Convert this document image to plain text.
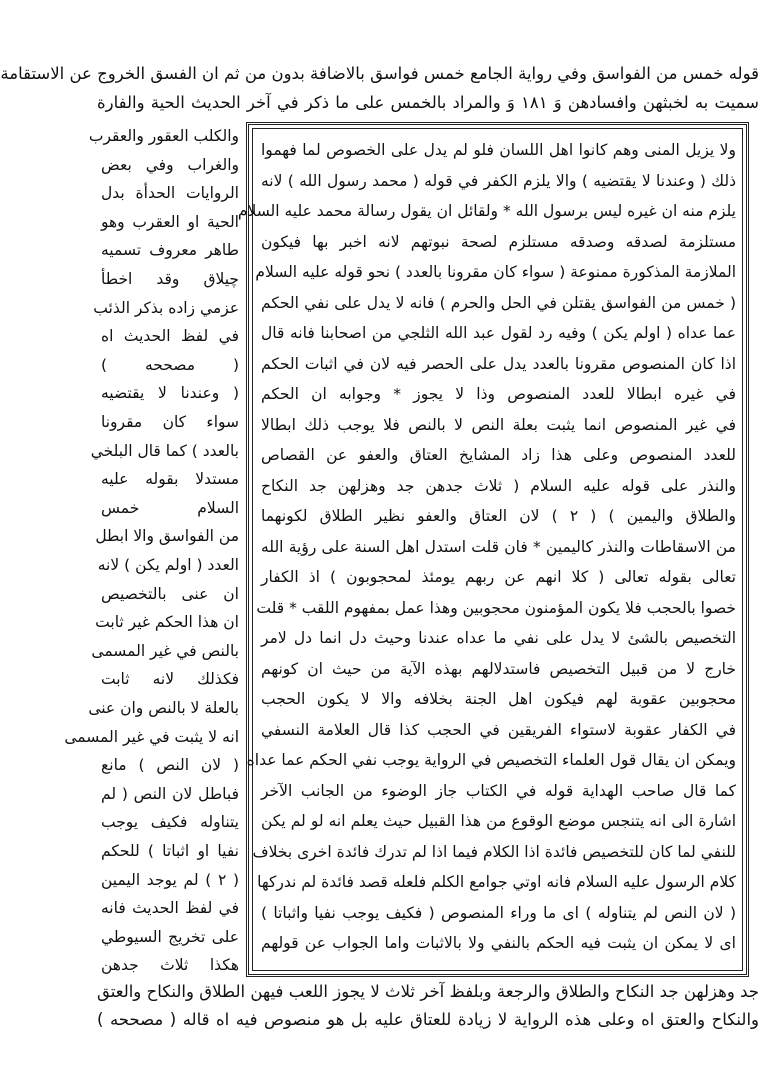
قوله خمس من الفواسق وفي رواية الجامع خمس فواسق بالاضافة بدون من ثم ان الفسق الخروج عن الاستقامة
سميت به لخبثهن وافسادهن وَ ١٨١ وَ والمراد بالخمس على ما ذكر في آخر الحديث الحية والفارة
ولا يزيل المنى وهم كانوا اهل اللسان فلو لم يدل على الخصوص لما فهموا
ذلك ( وعندنا لا يقتضيه ) والا يلزم الكفر في قوله ( محمد رسول الله ) لانه
يلزم منه ان غيره ليس برسول الله * ولقائل ان يقول رسالة محمد عليه السلام
مستلزمة لصدقه وصدقه مستلزم لصحة نبوتهم لانه اخبر بها فيكون
الملازمة المذكورة ممنوعة ( سواء كان مقرونا بالعدد ) نحو قوله عليه السلام
( خمس من الفواسق يقتلن في الحل والحرم ) فانه لا يدل على نفي الحكم
عما عداه ( اولم يكن ) وفيه رد لقول عبد الله الثلجي من اصحابنا فانه قال
اذا كان المنصوص مقرونا بالعدد يدل على الحصر فيه لان في اثبات الحكم
في غيره ابطالا للعدد المنصوص وذا لا يجوز * وجوابه ان الحكم
في غير المنصوص انما يثبت بعلة النص لا بالنص فلا يوجب ذلك ابطالا
للعدد المنصوص وعلى هذا زاد المشايخ العتاق والعفو عن القصاص
والنذر على قوله عليه السلام ( ثلاث جدهن جد وهزلهن جد النكاح
والطلاق واليمين ) ( ٢ ) لان العتاق والعفو نظير الطلاق لكونهما
من الاسقاطات والنذر كاليمين * فان قلت استدل اهل السنة على رؤية الله
تعالى بقوله تعالى ( كلا انهم عن ربهم يومئذ لمحجوبون ) اذ الكفار
خصوا بالحجب فلا يكون المؤمنون محجوبين وهذا عمل بمفهوم اللقب * قلت
التخصيص بالشئ لا يدل على نفي ما عداه عندنا وحيث دل انما دل لامر
خارج لا من قبيل التخصيص فاستدلالهم بهذه الآية من حيث ان كونهم
محجوبين عقوبة لهم فيكون اهل الجنة بخلافه والا لا يكون الحجب
في الكفار عقوبة لاستواء الفريقين في الحجب كذا قال العلامة النسفي
ويمكن ان يقال قول العلماء التخصيص في الرواية يوجب نفي الحكم عما عداه
كما قال صاحب الهداية قوله في الكتاب جاز الوضوء من الجانب الآخر
اشارة الى انه يتنجس موضع الوقوع من هذا القبيل حيث يعلم انه لو لم يكن
للنفي لما كان للتخصيص فائدة اذا الكلام فيما اذا لم تدرك فائدة اخرى بخلاف
كلام الرسول عليه السلام فانه اوتي جوامع الكلم فلعله قصد فائدة لم ندركها
( لان النص لم يتناوله ) اى ما وراء المنصوص ( فكيف يوجب نفيا واثباتا )
اى لا يمكن ان يثبت فيه الحكم بالنفي ولا بالاثبات واما الجواب عن قولهم
والكلب العقور والعقرب
والغراب وفي بعض
الروايات الحدأة بدل
الحية او العقرب وهو
طاهر معروف تسميه
چيلاق وقد اخطأ
عزمي زاده بذكر الذئب
في لفظ الحديث اه
( مصححه )
( وعندنا لا يقتضيه
سواء كان مقرونا
بالعدد ) كما قال البلخي
مستدلا بقوله عليه
السلام خمس
من الفواسق والا ابطل
العدد ( اولم يكن ) لانه
ان عنى بالتخصيص
ان هذا الحكم غير ثابت
بالنص في غير المسمى
فكذلك لانه ثابت
بالعلة لا بالنص وان عنى
انه لا يثبت في غير المسمى
( لان النص ) مانع
فباطل لان النص ( لم
يتناوله فكيف يوجب
نفيا او اثباتا ) للحكم
( ٢ ) لم يوجد اليمين
في لفظ الحديث فانه
على تخريج السيوطي
هكذا ثلاث جدهن
جد وهزلهن جد النكاح والطلاق والرجعة وبلفظ آخر ثلاث لا يجوز اللعب فيهن الطلاق والنكاح والعتق
والنكاح والعتق اه وعلى هذه الرواية لا زيادة للعتاق عليه بل هو منصوص فيه اه قاله ( مصححه )
